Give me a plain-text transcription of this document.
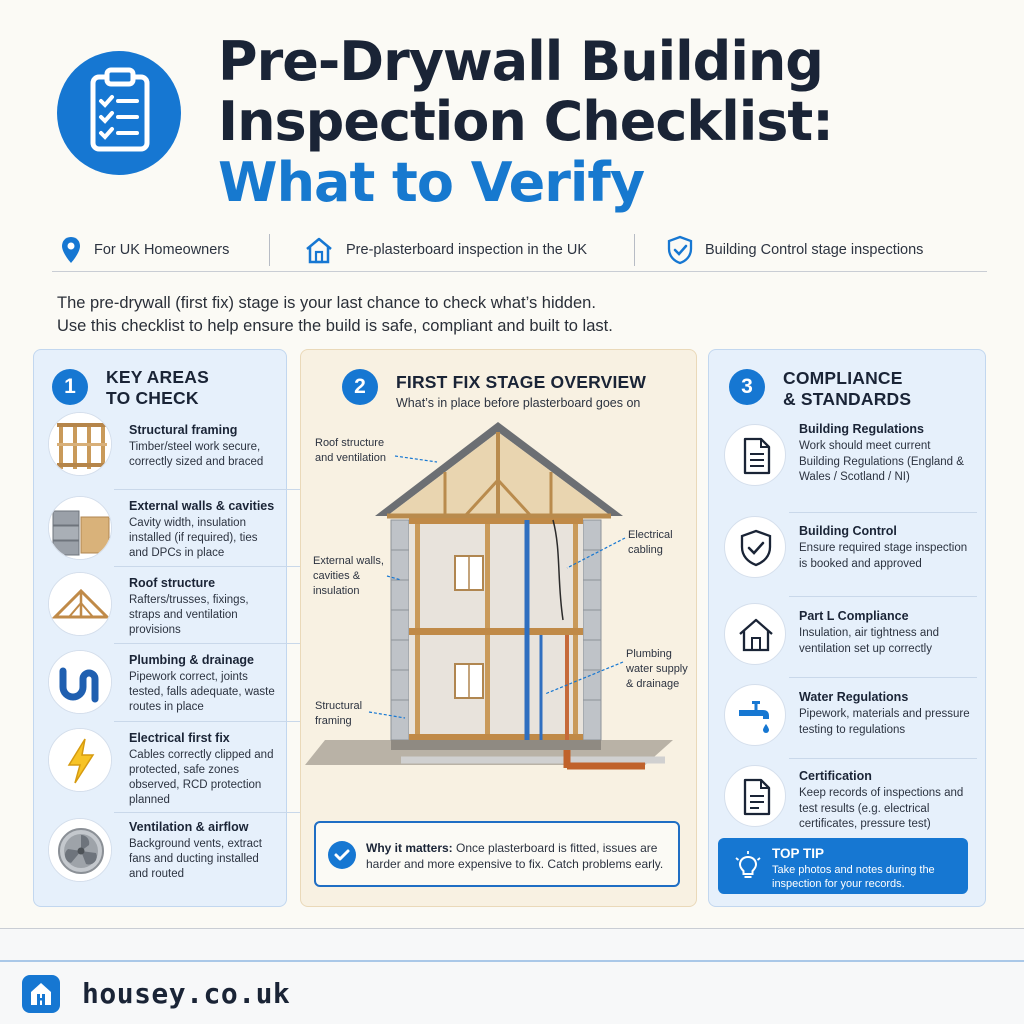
Pre-Drywall Building
Inspection Checklist:
What to Verify
For UK Homeowners	Pre-plasterboard inspection in the UK	Building Control stage inspections
The pre-drywall (first fix) stage is your last chance to check what’s hidden.
Use this checklist to help ensure the build is safe, compliant and built to last.
1	KEY AREAS
TO CHECK
Structural framing
Timber/steel work secure, correctly sized and braced
External walls & cavities
Cavity width, insulation installed (if required), ties and DPCs in place
Roof structure
Rafters/trusses, fixings, straps and ventilation provisions
Plumbing & drainage
Pipework correct, joints tested, falls adequate, waste routes in place
Electrical first fix
Cables correctly clipped and protected, safe zones observed, RCD protection planned
Ventilation & airflow
Background vents, extract fans and ducting installed and routed
2	FIRST FIX STAGE OVERVIEW
What’s in place before plasterboard goes on
Roof structure
and ventilation
External walls,
cavities &
insulation
Structural
framing
Electrical
cabling
Plumbing
water supply
& drainage
Why it matters: Once plasterboard is fitted, issues are harder and more expensive to fix. Catch problems early.
3	COMPLIANCE
& STANDARDS
Building Regulations
Work should meet current Building Regulations (England & Wales / Scotland / NI)
Building Control
Ensure required stage inspection is booked and approved
Part L Compliance
Insulation, air tightness and ventilation set up correctly
Water Regulations
Pipework, materials and pressure testing to regulations
Certification
Keep records of inspections and test results (e.g. electrical certificates, pressure test)
TOP TIP
Take photos and notes during the inspection for your records.
housey.co.uk
